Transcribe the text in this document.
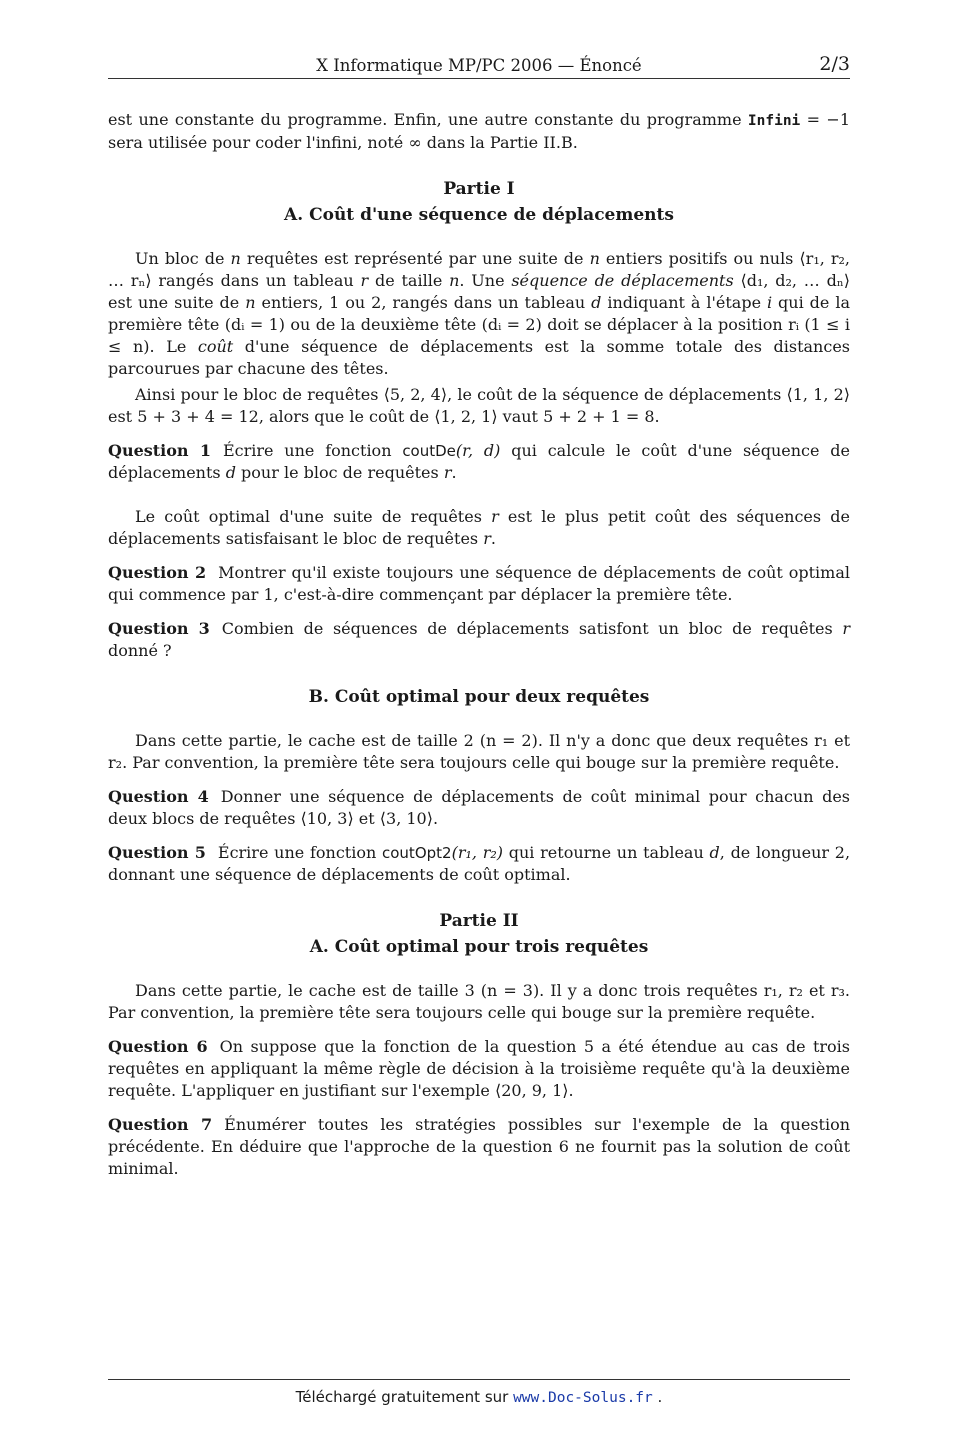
X Informatique MP/PC 2006 — Énoncé	2/3

est une constante du programme. Enfin, une autre constante du programme Infini = −1 sera utilisée pour coder l'infini, noté ∞ dans la Partie II.B.

Partie I
A. Coût d'une séquence de déplacements

Un bloc de n requêtes est représenté par une suite de n entiers positifs ou nuls ⟨r₁, r₂, … rₙ⟩ rangés dans un tableau r de taille n. Une séquence de déplacements ⟨d₁, d₂, … dₙ⟩ est une suite de n entiers, 1 ou 2, rangés dans un tableau d indiquant à l'étape i qui de la première tête (dᵢ = 1) ou de la deuxième tête (dᵢ = 2) doit se déplacer à la position rᵢ (1 ≤ i ≤ n). Le coût d'une séquence de déplacements est la somme totale des distances parcourues par chacune des têtes.

Ainsi pour le bloc de requêtes ⟨5, 2, 4⟩, le coût de la séquence de déplacements ⟨1, 1, 2⟩ est 5 + 3 + 4 = 12, alors que le coût de ⟨1, 2, 1⟩ vaut 5 + 2 + 1 = 8.

Question 1 Écrire une fonction coutDe(r, d) qui calcule le coût d'une séquence de déplacements d pour le bloc de requêtes r.

Le coût optimal d'une suite de requêtes r est le plus petit coût des séquences de déplacements satisfaisant le bloc de requêtes r.

Question 2 Montrer qu'il existe toujours une séquence de déplacements de coût optimal qui commence par 1, c'est-à-dire commençant par déplacer la première tête.

Question 3 Combien de séquences de déplacements satisfont un bloc de requêtes r donné ?

B. Coût optimal pour deux requêtes

Dans cette partie, le cache est de taille 2 (n = 2). Il n'y a donc que deux requêtes r₁ et r₂. Par convention, la première tête sera toujours celle qui bouge sur la première requête.

Question 4 Donner une séquence de déplacements de coût minimal pour chacun des deux blocs de requêtes ⟨10, 3⟩ et ⟨3, 10⟩.

Question 5 Écrire une fonction coutOpt2(r₁, r₂) qui retourne un tableau d, de longueur 2, donnant une séquence de déplacements de coût optimal.

Partie II
A. Coût optimal pour trois requêtes

Dans cette partie, le cache est de taille 3 (n = 3). Il y a donc trois requêtes r₁, r₂ et r₃. Par convention, la première tête sera toujours celle qui bouge sur la première requête.

Question 6 On suppose que la fonction de la question 5 a été étendue au cas de trois requêtes en appliquant la même règle de décision à la troisième requête qu'à la deuxième requête. L'appliquer en justifiant sur l'exemple ⟨20, 9, 1⟩.

Question 7 Énumérer toutes les stratégies possibles sur l'exemple de la question précédente. En déduire que l'approche de la question 6 ne fournit pas la solution de coût minimal.

Téléchargé gratuitement sur www.Doc-Solus.fr .
